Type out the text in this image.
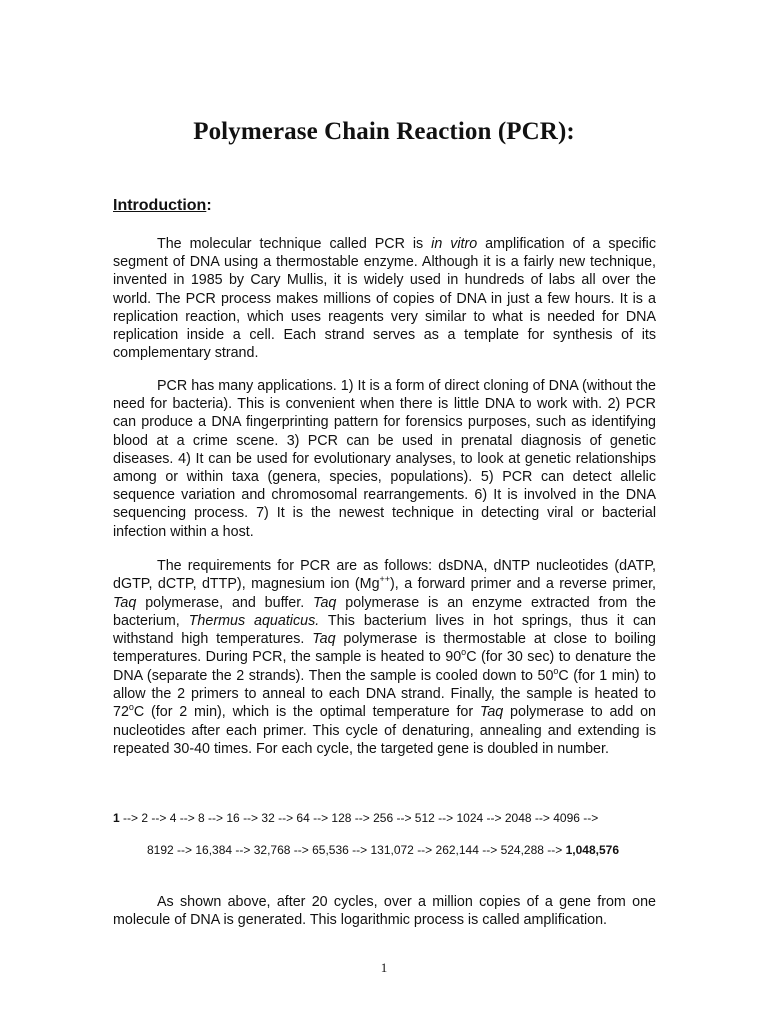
Polymerase Chain Reaction (PCR):
Introduction:

The molecular technique called PCR is in vitro amplification of a specific segment of DNA using a thermostable enzyme. Although it is a fairly new technique, invented in 1985 by Cary Mullis, it is widely used in hundreds of labs all over the world. The PCR process makes millions of copies of DNA in just a few hours. It is a replication reaction, which uses reagents very similar to what is needed for DNA replication inside a cell. Each strand serves as a template for synthesis of its complementary strand.

PCR has many applications. 1) It is a form of direct cloning of DNA (without the need for bacteria). This is convenient when there is little DNA to work with. 2) PCR can produce a DNA fingerprinting pattern for forensics purposes, such as identifying blood at a crime scene. 3) PCR can be used in prenatal diagnosis of genetic diseases. 4) It can be used for evolutionary analyses, to look at genetic relationships among or within taxa (genera, species, populations). 5) PCR can detect allelic sequence variation and chromosomal rearrangements. 6) It is involved in the DNA sequencing process. 7) It is the newest technique in detecting viral or bacterial infection within a host.

The requirements for PCR are as follows: dsDNA, dNTP nucleotides (dATP, dGTP, dCTP, dTTP), magnesium ion (Mg++), a forward primer and a reverse primer, Taq polymerase, and buffer. Taq polymerase is an enzyme extracted from the bacterium, Thermus aquaticus. This bacterium lives in hot springs, thus it can withstand high temperatures. Taq polymerase is thermostable at close to boiling temperatures. During PCR, the sample is heated to 90$^o$C (for 30 sec) to denature the DNA (separate the 2 strands). Then the sample is cooled down to 50$^o$C (for 1 min) to allow the 2 primers to anneal to each DNA strand. Finally, the sample is heated to 72$^o$C (for 2 min), which is the optimal temperature for Taq polymerase to add on nucleotides after each primer. This cycle of denaturing, annealing and extending is repeated 30-40 times. For each cycle, the targeted gene is doubled in number.

1 --> 2 --> 4 --> 8 --> 16 --> 32 --> 64 --> 128 --> 256 --> 512 --> 1024 --> 2048 --> 4096 -->
8192 --> 16,384 --> 32,768 --> 65,536 --> 131,072 --> 262,144 --> 524,288 --> 1,048,576

As shown above, after 20 cycles, over a million copies of a gene from one molecule of DNA is generated. This logarithmic process is called amplification.

1
